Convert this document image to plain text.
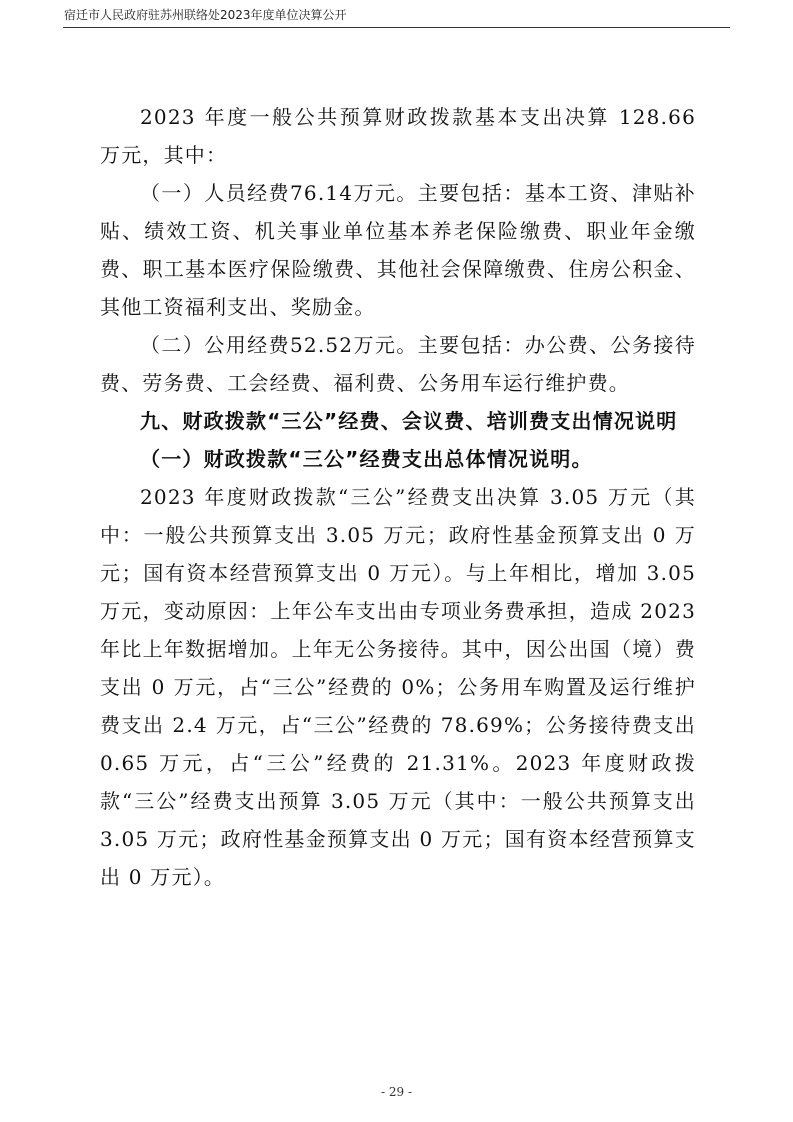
宿迁市人民政府驻苏州联络处2023年度单位决算公开

2023 年度一般公共预算财政拨款基本支出决算 128.66 万元，其中：

（一）人员经费76.14万元。主要包括：基本工资、津贴补贴、绩效工资、机关事业单位基本养老保险缴费、职业年金缴费、职工基本医疗保险缴费、其他社会保障缴费、住房公积金、其他工资福利支出、奖励金。

（二）公用经费52.52万元。主要包括：办公费、公务接待费、劳务费、工会经费、福利费、公务用车运行维护费。

九、财政拨款“三公”经费、会议费、培训费支出情况说明

（一）财政拨款“三公”经费支出总体情况说明。

2023 年度财政拨款“三公”经费支出决算 3.05 万元（其中：一般公共预算支出 3.05 万元；政府性基金预算支出 0 万元；国有资本经营预算支出 0 万元）。与上年相比，增加 3.05 万元，变动原因：上年公车支出由专项业务费承担，造成 2023 年比上年数据增加。上年无公务接待。其中，因公出国（境）费支出 0 万元，占“三公”经费的 0%；公务用车购置及运行维护费支出 2.4 万元，占“三公”经费的 78.69%；公务接待费支出 0.65 万元，占“三公”经费的 21.31%。2023 年度财政拨款“三公”经费支出预算 3.05 万元（其中：一般公共预算支出 3.05 万元；政府性基金预算支出 0 万元；国有资本经营预算支出 0 万元）。

- 29 -
